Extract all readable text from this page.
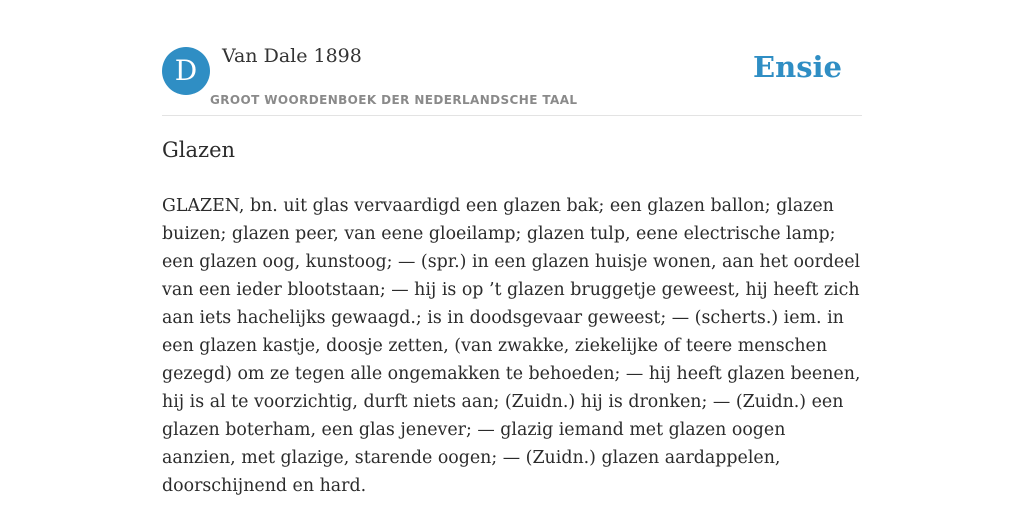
D	Van Dale 1898
GROOT WOORDENBOEK DER NEDERLANDSCHE TAAL
Ensie
Glazen

GLAZEN, bn. uit glas vervaardigd een glazen bak; een glazen ballon; glazen buizen; glazen peer, van eene gloeilamp; glazen tulp, eene electrische lamp; een glazen oog, kunstoog; — (spr.) in een glazen huisje wonen, aan het oordeel van een ieder blootstaan; — hij is op ’t glazen bruggetje geweest, hij heeft zich aan iets hachelijks gewaagd.; is in doodsgevaar geweest; — (scherts.) iem. in een glazen kastje, doosje zetten, (van zwakke, ziekelijke of teere menschen gezegd) om ze tegen alle ongemakken te behoeden; — hij heeft glazen beenen, hij is al te voorzichtig, durft niets aan; (Zuidn.) hij is dronken; — (Zuidn.) een glazen boterham, een glas jenever; — glazig iemand met glazen oogen aanzien, met glazige, starende oogen; — (Zuidn.) glazen aardappelen, doorschijnend en hard.
